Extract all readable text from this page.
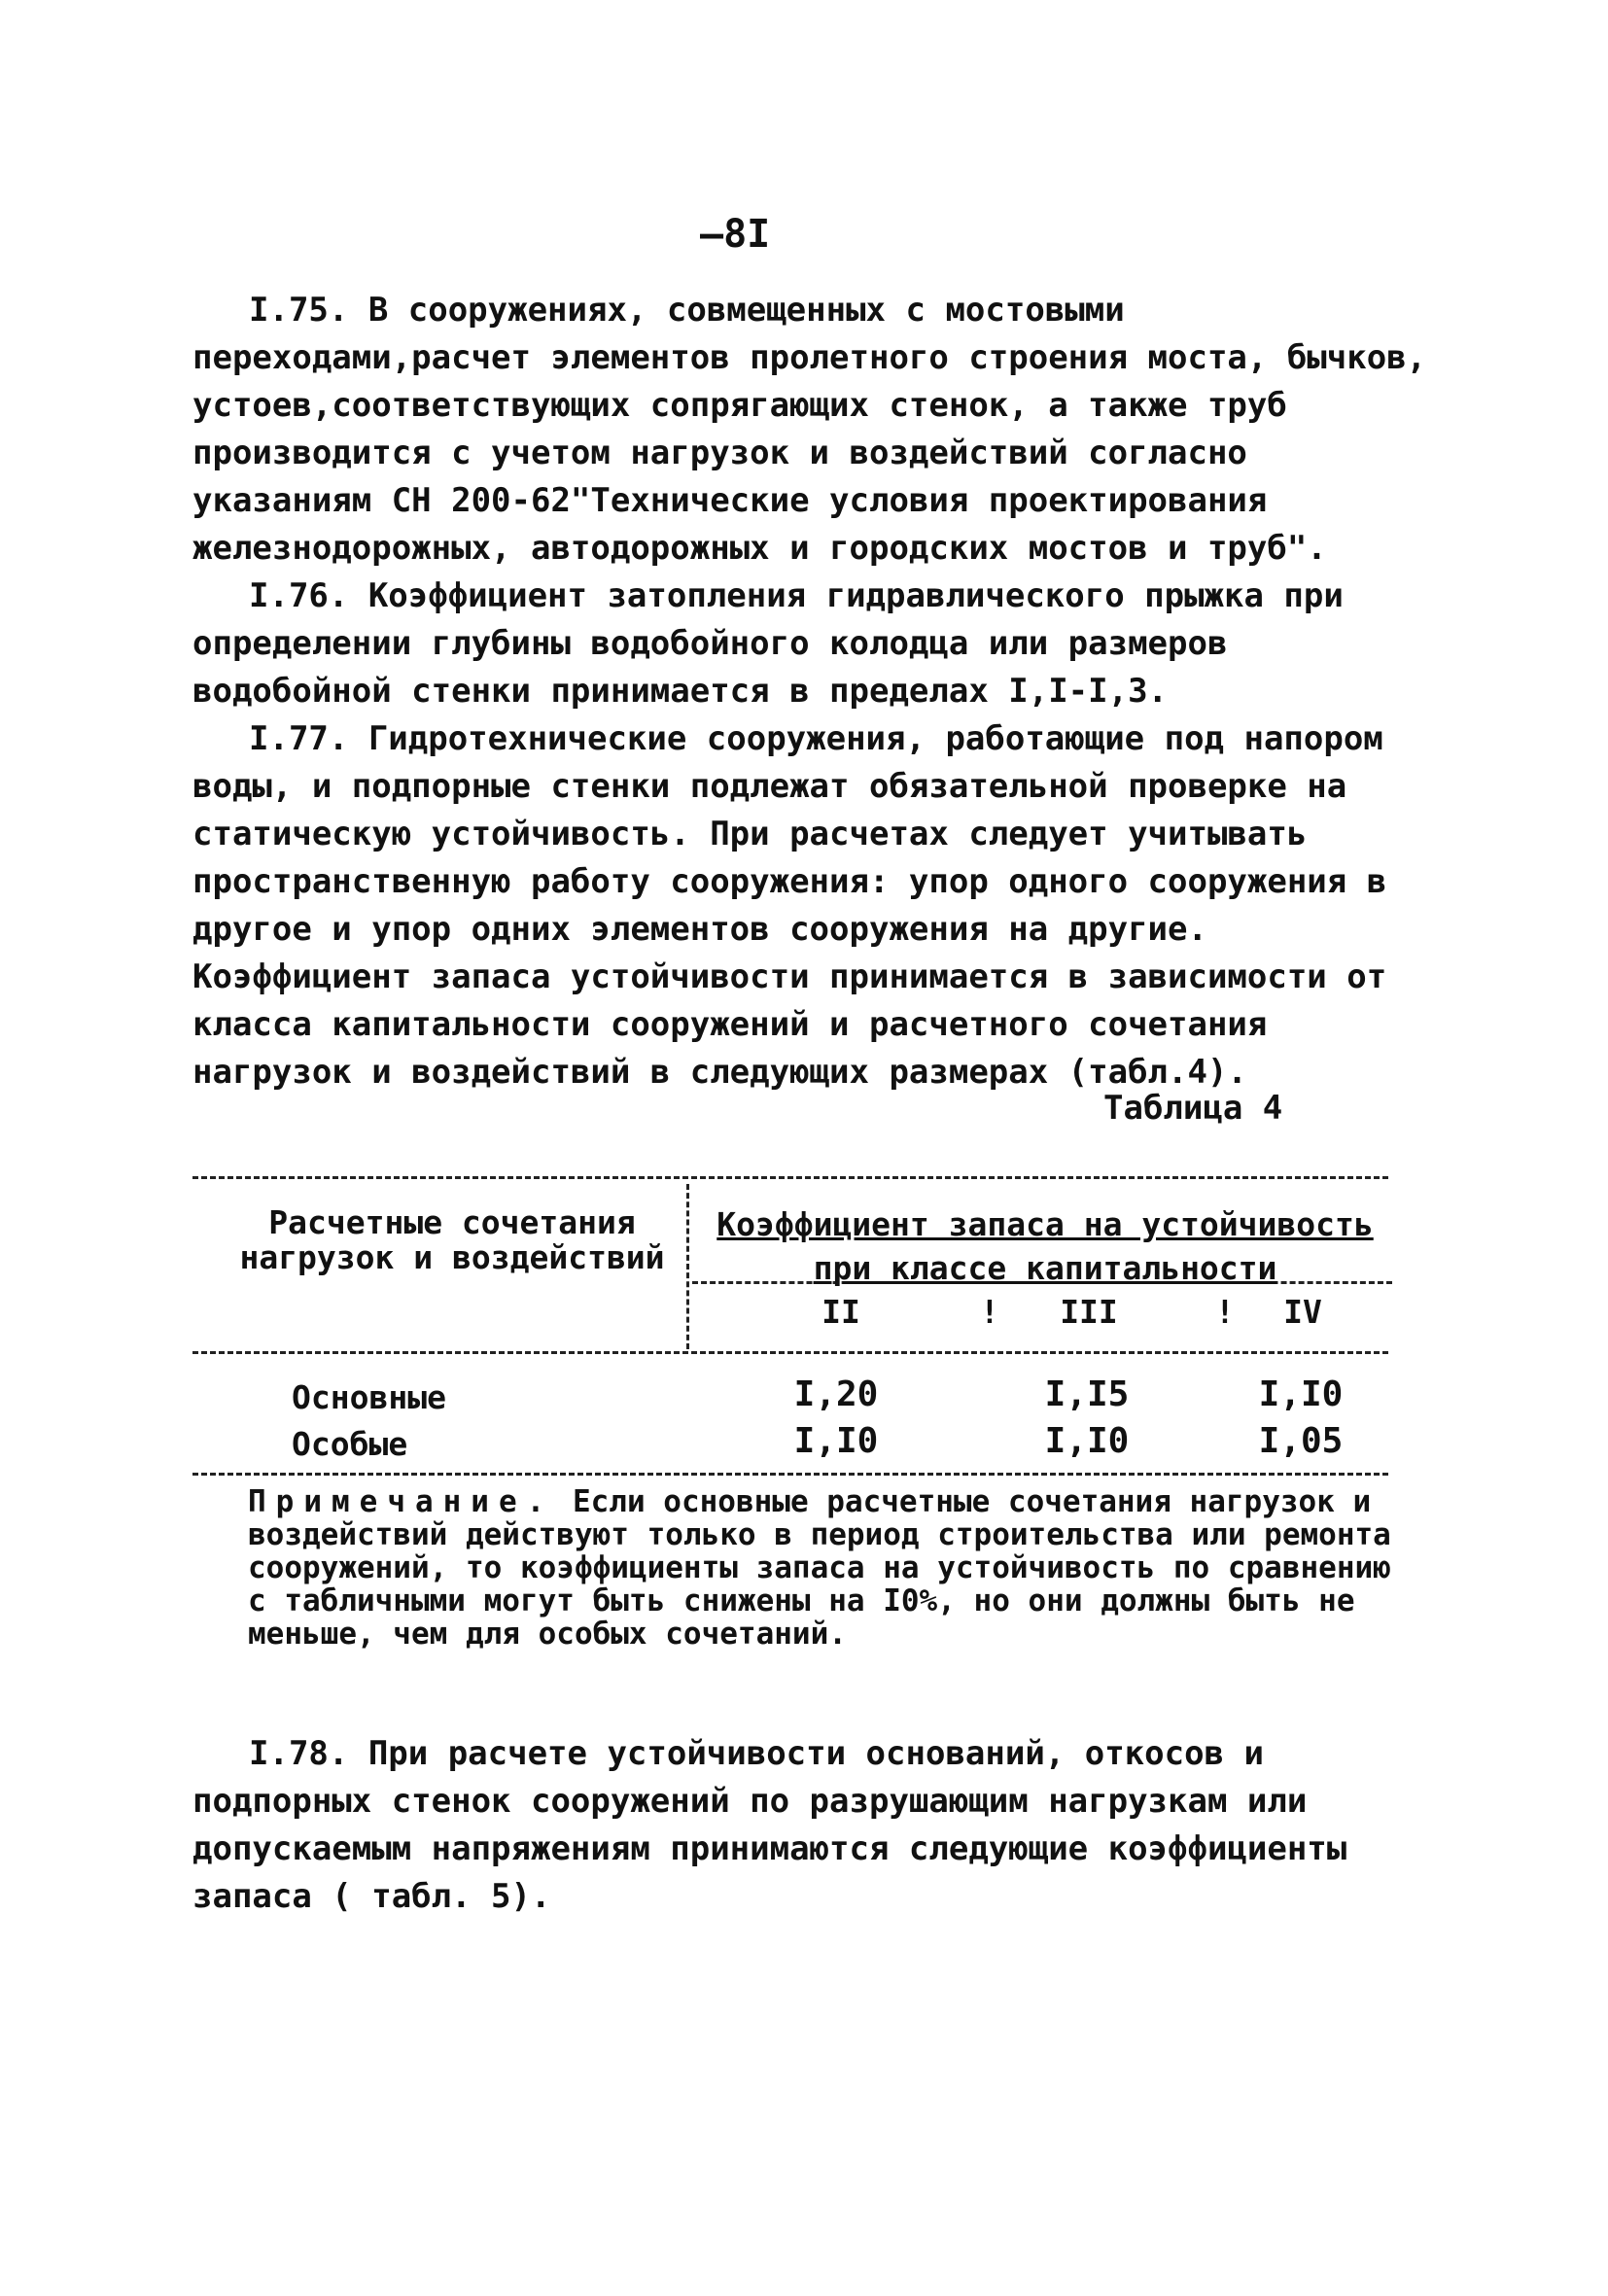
—8I

I.75. В сооружениях, совмещенных с мостовыми переходами,расчет элементов пролетного строения моста, бычков, устоев,соответствующих сопрягающих стенок, а также труб производится с учетом нагрузок и воздействий согласно указаниям СН 200-62"Технические условия проектирования железнодорожных, автодорожных и городских мостов и труб".

I.76. Коэффициент затопления гидравлического прыжка при определении глубины водобойного колодца или размеров водобойной стенки принимается в пределах I,I-I,3.

I.77. Гидротехнические сооружения, работающие под напором воды, и подпорные стенки подлежат обязательной проверке на статическую устойчивость. При расчетах следует учитывать пространственную работу сооружения: упор одного сооружения в другое и упор одних элементов сооружения на другие. Коэффициент запаса устойчивости принимается в зависимости от класса капитальности сооружений и расчетного сочетания нагрузок и воздействий в следующих размерах (табл.4).

Таблица 4
Расчетные сочетания нагрузок и воздействий
Коэффициент запаса на устойчивость
при классе капитальности
II	!	III	!	IV
Основные	I,20	I,I5	I,I0
Особые	I,I0	I,I0	I,05
Примечание. Если основные расчетные сочетания нагрузок и воздействий действуют только в период строительства или ремонта сооружений, то коэффициенты запаса на устойчивость по сравнению с табличными могут быть снижены на I0%, но они должны быть не меньше, чем для особых сочетаний.

I.78. При расчете устойчивости оснований, откосов и подпорных стенок сооружений по разрушающим нагрузкам или допускаемым напряжениям принимаются следующие коэффициенты запаса ( табл. 5).
